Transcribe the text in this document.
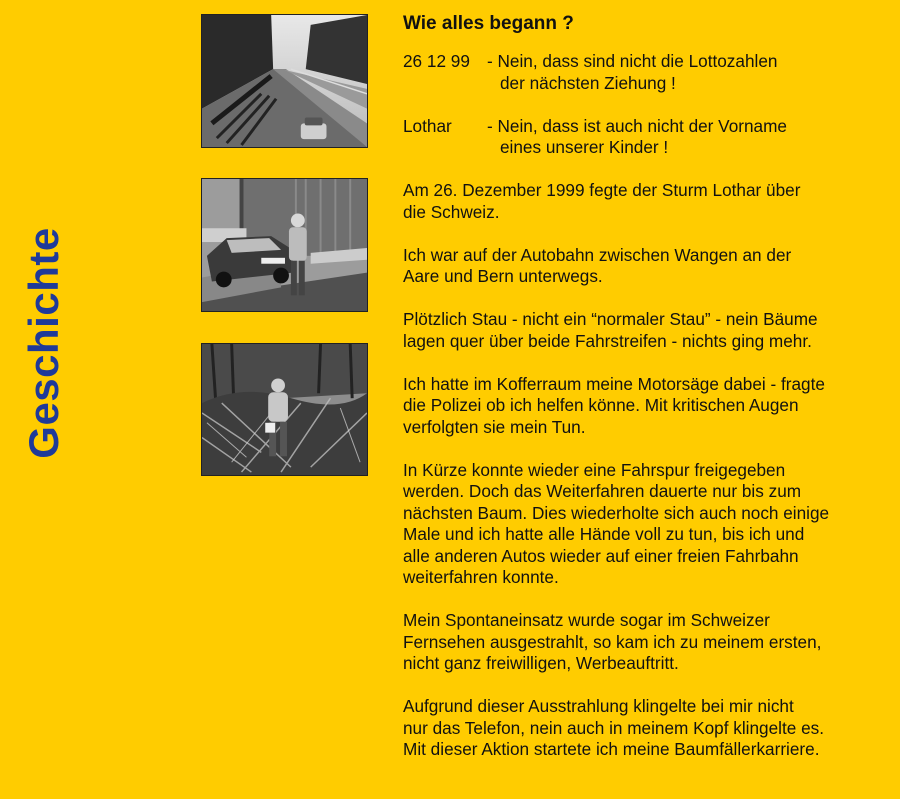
Geschichte
Wie alles begann ?
26 12 99 - Nein, dass sind nicht die Lottozahlen
der nächsten Ziehung !
Lothar	- Nein, dass ist auch nicht der Vorname
eines unserer Kinder !
Am 26. Dezember 1999 fegte der Sturm Lothar über
die Schweiz.
Ich war auf der Autobahn zwischen Wangen an der
Aare und Bern unterwegs.
Plötzlich Stau - nicht ein “normaler Stau” - nein Bäume
lagen quer über beide Fahrstreifen - nichts ging mehr.
Ich hatte im Kofferraum meine Motorsäge dabei - fragte
die Polizei ob ich helfen könne. Mit kritischen Augen
verfolgten sie mein Tun.
In Kürze konnte wieder eine Fahrspur freigegeben
werden. Doch das Weiterfahren dauerte nur bis zum
nächsten Baum. Dies wiederholte sich auch noch einige
Male und ich hatte alle Hände voll zu tun, bis ich und
alle anderen Autos wieder auf einer freien Fahrbahn
weiterfahren konnte.
Mein Spontaneinsatz wurde sogar im Schweizer
Fernsehen ausgestrahlt, so kam ich zu meinem ersten,
nicht ganz freiwilligen, Werbeauftritt.
Aufgrund dieser Ausstrahlung klingelte bei mir nicht
nur das Telefon, nein auch in meinem Kopf klingelte es.
Mit dieser Aktion startete ich meine Baumfällerkarriere.
